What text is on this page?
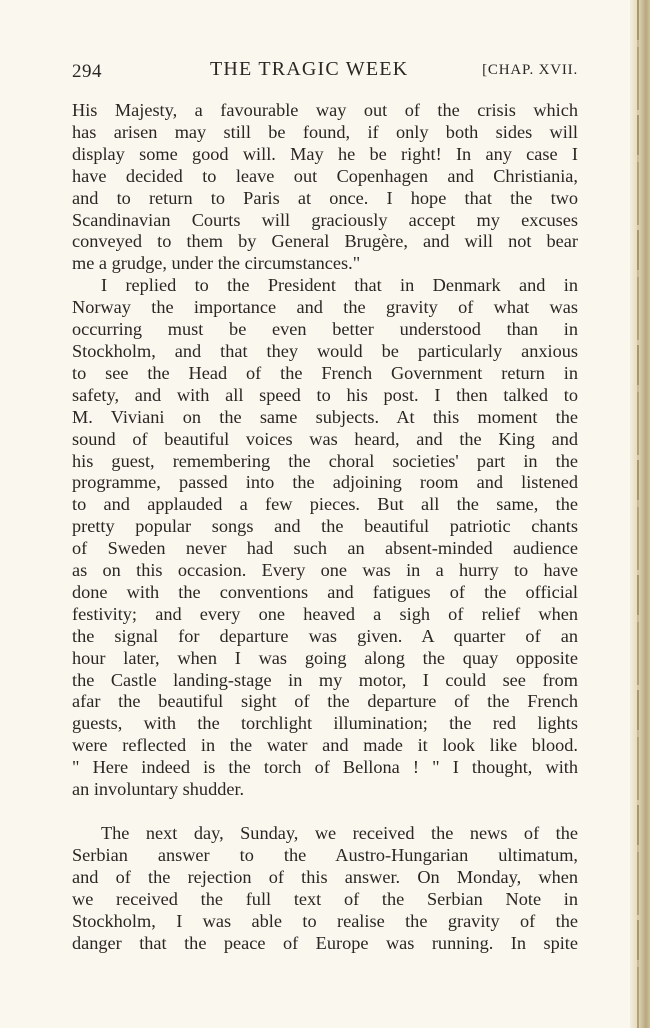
294	THE TRAGIC WEEK	[CHAP. XVII.
His Majesty, a favourable way out of the crisis which
has arisen may still be found, if only both sides will
display some good will. May he be right! In any case I
have decided to leave out Copenhagen and Christiania,
and to return to Paris at once. I hope that the two
Scandinavian Courts will graciously accept my excuses
conveyed to them by General Brugère, and will not bear
me a grudge, under the circumstances."
I replied to the President that in Denmark and in
Norway the importance and the gravity of what was
occurring must be even better understood than in
Stockholm, and that they would be particularly anxious
to see the Head of the French Government return in
safety, and with all speed to his post. I then talked to
M. Viviani on the same subjects. At this moment the
sound of beautiful voices was heard, and the King and
his guest, remembering the choral societies' part in the
programme, passed into the adjoining room and listened
to and applauded a few pieces. But all the same, the
pretty popular songs and the beautiful patriotic chants
of Sweden never had such an absent-minded audience
as on this occasion. Every one was in a hurry to have
done with the conventions and fatigues of the official
festivity; and every one heaved a sigh of relief when
the signal for departure was given. A quarter of an
hour later, when I was going along the quay opposite
the Castle landing-stage in my motor, I could see from
afar the beautiful sight of the departure of the French
guests, with the torchlight illumination; the red lights
were reflected in the water and made it look like blood.
" Here indeed is the torch of Bellona ! " I thought, with
an involuntary shudder.
The next day, Sunday, we received the news of the
Serbian answer to the Austro-Hungarian ultimatum,
and of the rejection of this answer. On Monday, when
we received the full text of the Serbian Note in
Stockholm, I was able to realise the gravity of the
danger that the peace of Europe was running. In spite
